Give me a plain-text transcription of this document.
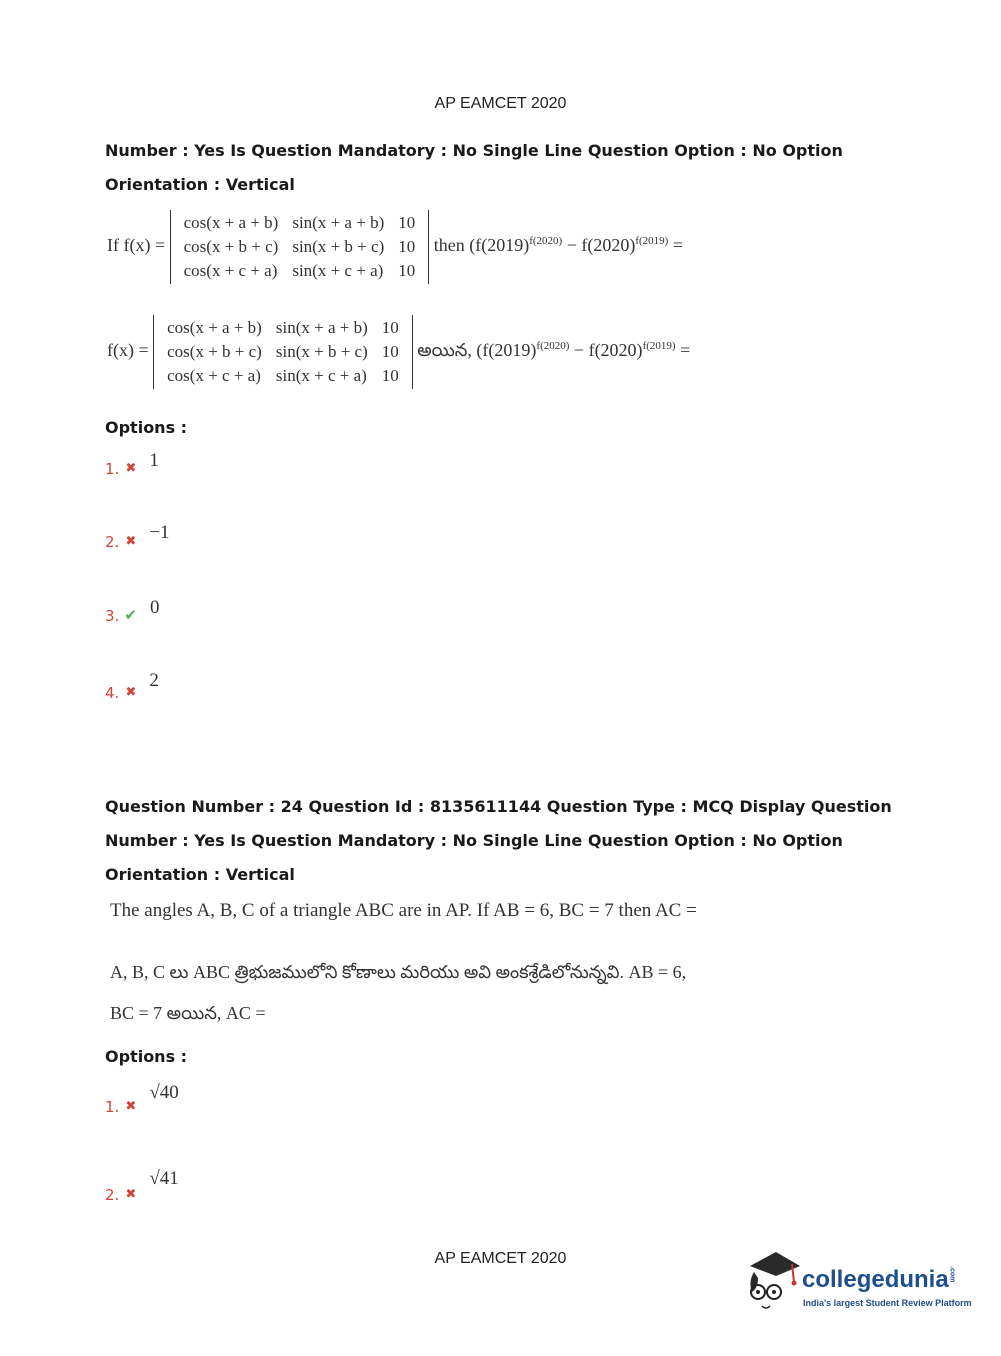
AP EAMCET 2020
Number : Yes Is Question Mandatory : No Single Line Question Option : No Option
Orientation : Vertical
If f(x) =
cos(x + a + b)	sin(x + a + b)	10
cos(x + b + c)	sin(x + b + c)	10
cos(x + c + a)	sin(x + c + a)	10
then ($f(2019)^{f(2020)} - f(2020)^{f(2019)}$ =
f(x) =
cos(x + a + b)	sin(x + a + b)	10
cos(x + b + c)	sin(x + b + c)	10
cos(x + c + a)	sin(x + c + a)	10
అయిన, ($f(2019)^{f(2020)} - f(2020)^{f(2019)}$ =
Options :
1. $_✖$ 1
2. $_✖$ −1
3. ✔ 0
4. $_✖$ 2
Question Number : 24 Question Id : 8135611144 Question Type : MCQ Display Question
Number : Yes Is Question Mandatory : No Single Line Question Option : No Option
Orientation : Vertical
The angles A, B, C of a triangle ABC are in AP. If AB = 6, BC = 7 then AC =
A, B, C లు ABC త్రిభుజములోని కోణాలు మరియు అవి అంకశ్రేడిలోనున్నవి. AB = 6,
BC = 7 అయిన, AC =
Options :
1. $_✖$ √40
2. $_✖$ √41
AP EAMCET 2020
collegedunia.com
India's largest Student Review Platform
